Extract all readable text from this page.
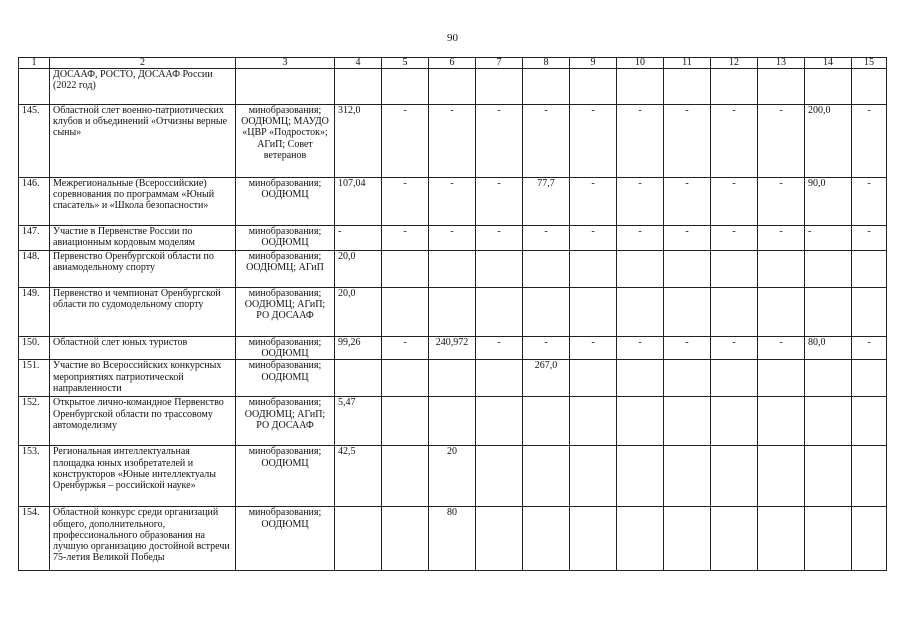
90
1	2	3	4	5	6	7	8	9	10	11	12	13	14	15
	ДОСААФ, РОСТО, ДОСААФ России (2022 год)													
145.	Областной слет военно-патриотических клубов и объединений «Отчизны верные сыны»	минобразования; ООДЮМЦ; МАУДО «ЦВР «Подросток»; АГиП; Совет ветеранов	312,0	-	-	-	-	-	-	-	-	-	200,0	-
146.	Межрегиональные (Всероссийские) соревнования по программам «Юный спасатель» и «Школа безопасности»	минобразования; ООДЮМЦ	107,04	-	-	-	77,7	-	-	-	-	-	90,0	-
147.	Участие в Первенстве России по авиационным кордовым моделям	минобразования; ООДЮМЦ	-	-	-	-	-	-	-	-	-	-	-	-
148.	Первенство Оренбургской области по авиамодельному спорту	минобразования; ООДЮМЦ; АГиП	20,0											
149.	Первенство и чемпионат Оренбургской области по судомодельному спорту	минобразования; ООДЮМЦ; АГиП; РО ДОСААФ	20,0											
150.	Областной слет юных туристов	минобразования; ООДЮМЦ	99,26	-	240,972	-	-	-	-	-	-	-	80,0	-
151.	Участие во Всероссийских конкурсных мероприятиях патриотической направленности	минобразования; ООДЮМЦ					267,0							
152.	Открытое лично-командное Первенство Оренбургской области по трассовому автомоделизму	минобразования; ООДЮМЦ; АГиП; РО ДОСААФ	5,47											
153.	Региональная интеллектуальная площадка юных изобретателей и конструкторов «Юные интеллектуалы Оренбуржья – российской науке»	минобразования; ООДЮМЦ	42,5		20									
154.	Областной конкурс среди организаций общего, дополнительного, профессионального образования на лучшую организацию достойной встречи 75-летия Великой Победы	минобразования; ООДЮМЦ			80									
